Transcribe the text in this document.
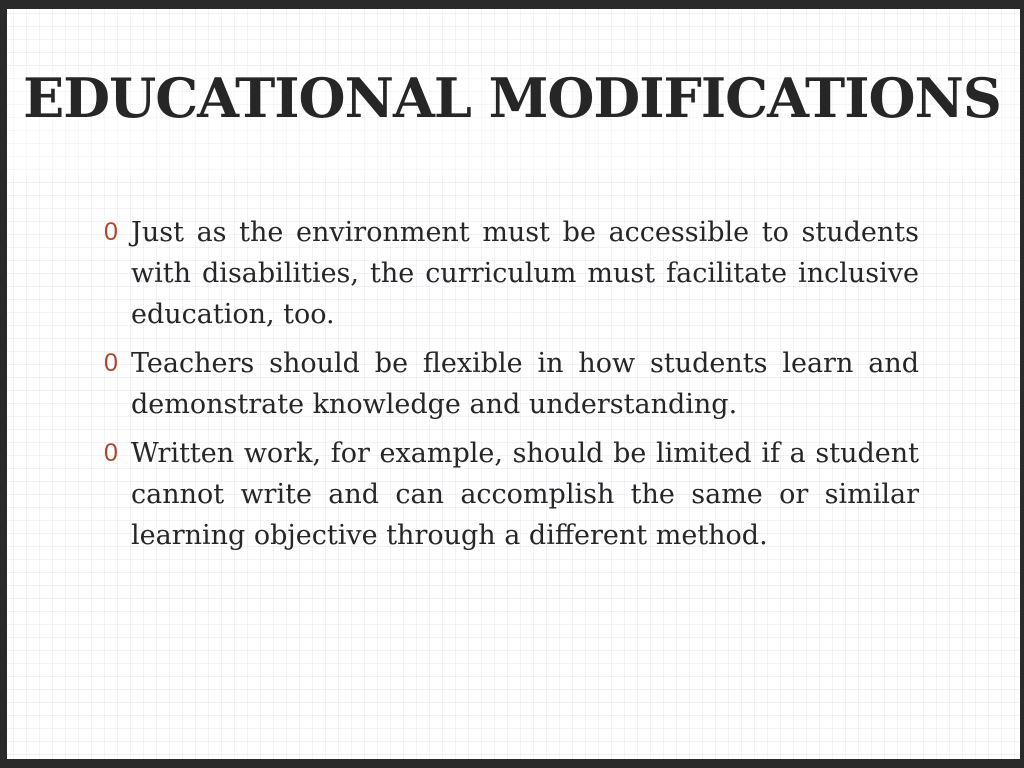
EDUCATIONAL MODIFICATIONS
0 Just as the environment must be accessible to students with disabilities, the curriculum must facilitate inclusive education, too.
0 Teachers should be flexible in how students learn and demonstrate knowledge and understanding.
0 Written work, for example, should be limited if a student cannot write and can accomplish the same or similar learning objective through a different method.
